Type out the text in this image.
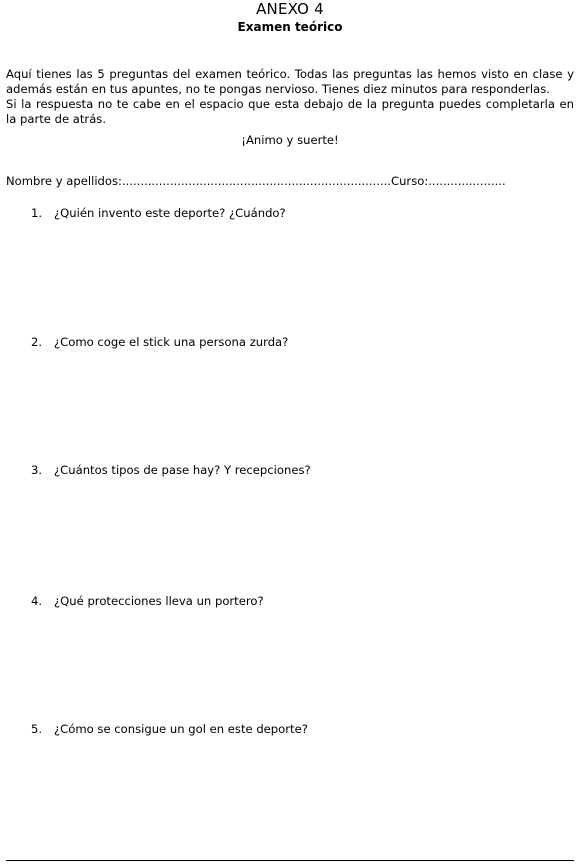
ANEXO 4
Examen teórico

Aquí tienes las 5 preguntas del examen teórico. Todas las preguntas las hemos visto en clase y

además están en tus apuntes, no te pongas nervioso. Tienes diez minutos para responderlas.

Si la respuesta no te cabe en el espacio que esta debajo de la pregunta puedes completarla en

la parte de atrás.

¡Animo y suerte!
Nombre y apellidos:.........................................................................Curso:.....................
1. ¿Quién invento este deporte? ¿Cuándo?
2. ¿Como coge el stick una persona zurda?
3. ¿Cuántos tipos de pase hay? Y recepciones?
4. ¿Qué protecciones lleva un portero?
5. ¿Cómo se consigue un gol en este deporte?
